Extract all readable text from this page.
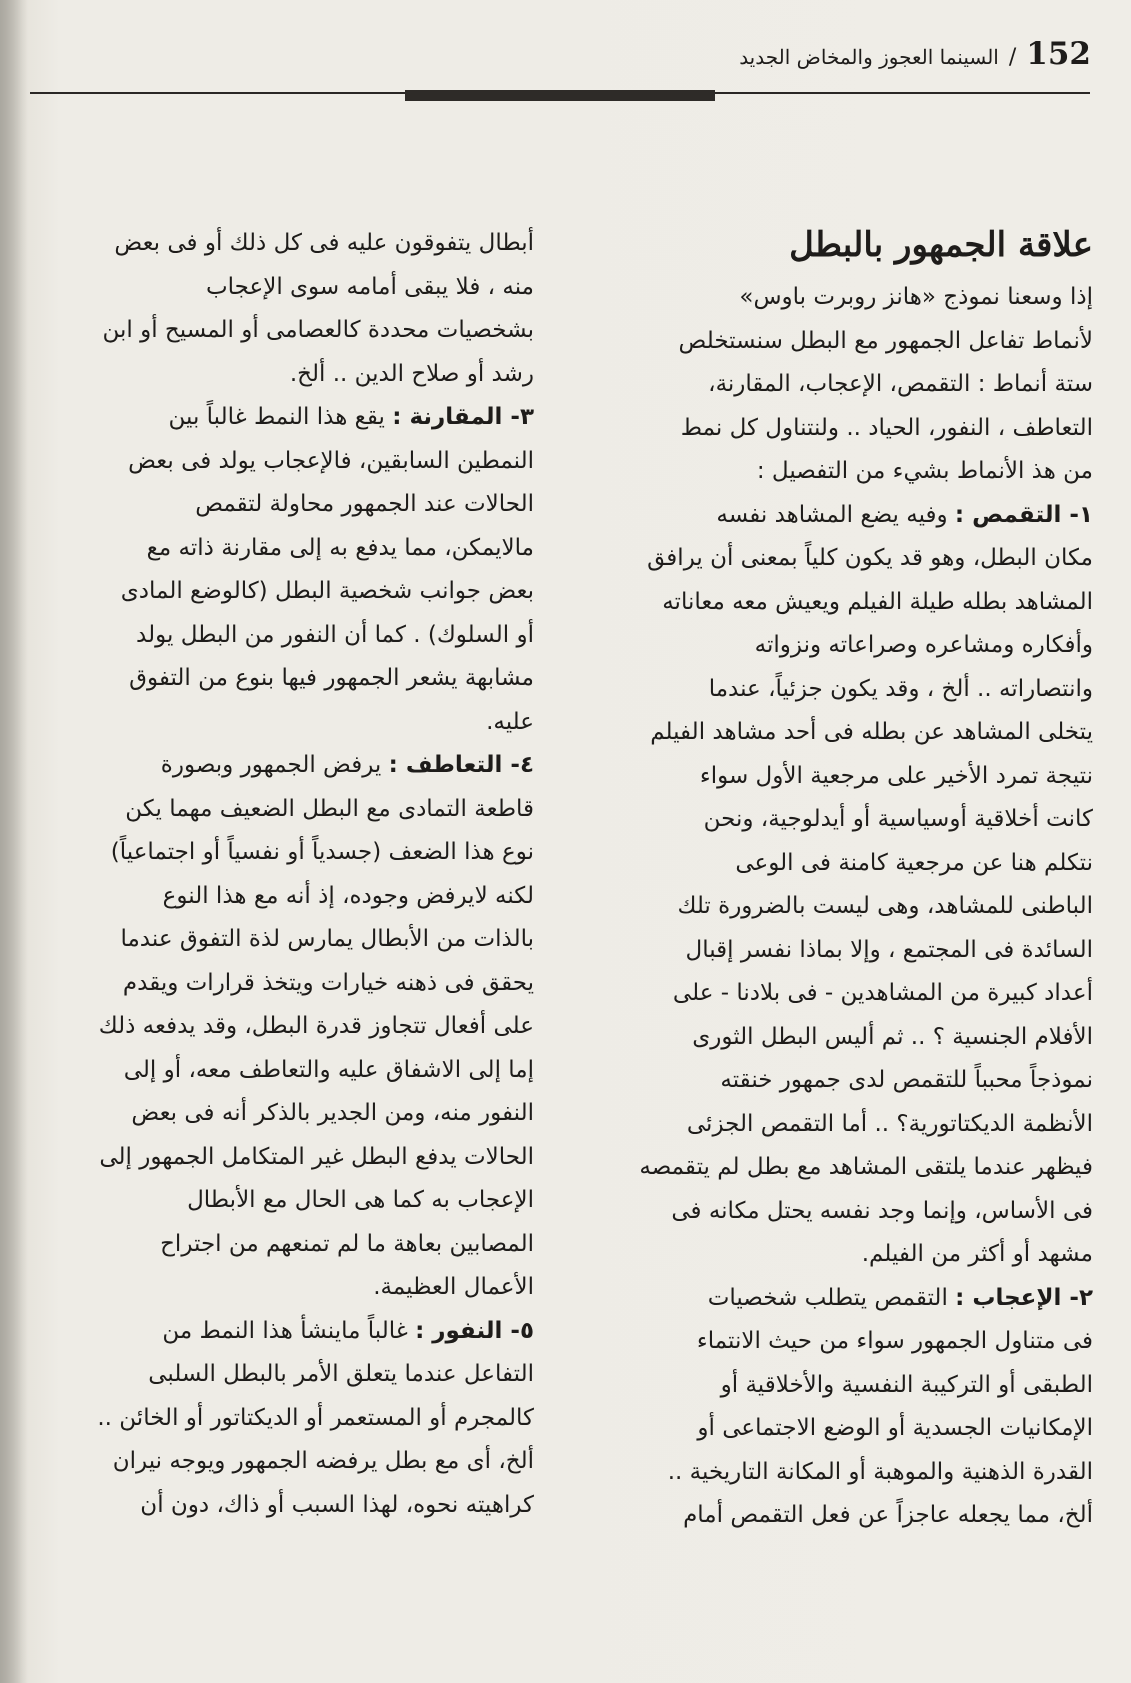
152/السينما العجوز والمخاض الجديد
علاقة الجمهور بالبطل
إذا وسعنا نموذج «هانز روبرت باوس»
لأنماط تفاعل الجمهور مع البطل سنستخلص
ستة أنماط : التقمص، الإعجاب، المقارنة،
التعاطف ، النفور، الحياد .. ولنتناول كل نمط
من هذ الأنماط بشيء من التفصيل :
١- التقمص : وفيه يضع المشاهد نفسه
مكان البطل، وهو قد يكون كلياً بمعنى أن يرافق
المشاهد بطله طيلة الفيلم ويعيش معه معاناته
وأفكاره ومشاعره وصراعاته ونزواته
وانتصاراته .. ألخ ، وقد يكون جزئياً، عندما
يتخلى المشاهد عن بطله فى أحد مشاهد الفيلم
نتيجة تمرد الأخير على مرجعية الأول سواء
كانت أخلاقية أوسياسية أو أيدلوجية، ونحن
نتكلم هنا عن مرجعية كامنة فى الوعى
الباطنى للمشاهد، وهى ليست بالضرورة تلك
السائدة فى المجتمع ، وإلا بماذا نفسر إقبال
أعداد كبيرة من المشاهدين - فى بلادنا - على
الأفلام الجنسية ؟ .. ثم أليس البطل الثورى
نموذجاً محبباً للتقمص لدى جمهور خنقته
الأنظمة الديكتاتورية؟ .. أما التقمص الجزئى
فيظهر عندما يلتقى المشاهد مع بطل لم يتقمصه
فى الأساس، وإنما وجد نفسه يحتل مكانه فى
مشهد أو أكثر من الفيلم.
٢- الإعجاب : التقمص يتطلب شخصيات
فى متناول الجمهور سواء من حيث الانتماء
الطبقى أو التركيبة النفسية والأخلاقية أو
الإمكانيات الجسدية أو الوضع الاجتماعى أو
القدرة الذهنية والموهبة أو المكانة التاريخية ..
ألخ، مما يجعله عاجزاً عن فعل التقمص أمام
أبطال يتفوقون عليه فى كل ذلك أو فى بعض
منه ، فلا يبقى أمامه سوى الإعجاب
بشخصيات محددة كالعصامى أو المسيح أو ابن
رشد أو صلاح الدين .. ألخ.
٣- المقارنة : يقع هذا النمط غالباً بين
النمطين السابقين، فالإعجاب يولد فى بعض
الحالات عند الجمهور محاولة لتقمص
مالايمكن، مما يدفع به إلى مقارنة ذاته مع
بعض جوانب شخصية البطل (كالوضع المادى
أو السلوك) . كما أن النفور من البطل يولد
مشابهة يشعر الجمهور فيها بنوع من التفوق
عليه.
٤- التعاطف : يرفض الجمهور وبصورة
قاطعة التمادى مع البطل الضعيف مهما يكن
نوع هذا الضعف (جسدياً أو نفسياً أو اجتماعياً)
لكنه لايرفض وجوده، إذ أنه مع هذا النوع
بالذات من الأبطال يمارس لذة التفوق عندما
يحقق فى ذهنه خيارات ويتخذ قرارات ويقدم
على أفعال تتجاوز قدرة البطل، وقد يدفعه ذلك
إما إلى الاشفاق عليه والتعاطف معه، أو إلى
النفور منه، ومن الجدير بالذكر أنه فى بعض
الحالات يدفع البطل غير المتكامل الجمهور إلى
الإعجاب به كما هى الحال مع الأبطال
المصابين بعاهة ما لم تمنعهم من اجتراح
الأعمال العظيمة.
٥- النفور : غالباً ماينشأ هذا النمط من
التفاعل عندما يتعلق الأمر بالبطل السلبى
كالمجرم أو المستعمر أو الديكتاتور أو الخائن ..
ألخ، أى مع بطل يرفضه الجمهور ويوجه نيران
كراهيته نحوه، لهذا السبب أو ذاك، دون أن
